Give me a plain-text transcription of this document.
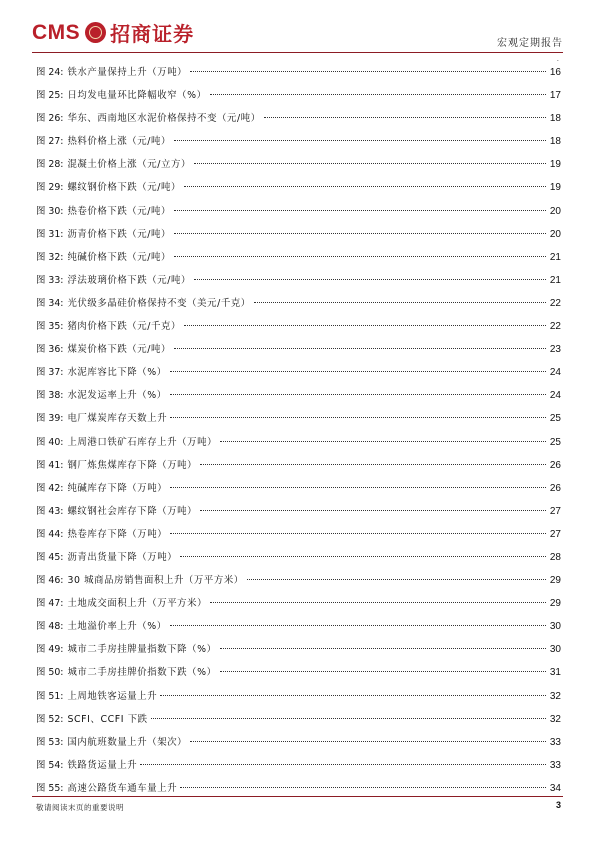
CMS 招商证券	宏观定期报告
.
图 24: 铁水产量保持上升（万吨）	16
图 25: 日均发电量环比降幅收窄（%）	17
图 26: 华东、西南地区水泥价格保持不变（元/吨）	18
图 27: 热料价格上涨（元/吨）	18
图 28: 混凝土价格上涨（元/立方）	19
图 29: 螺纹钢价格下跌（元/吨）	19
图 30: 热卷价格下跌（元/吨）	20
图 31: 沥青价格下跌（元/吨）	20
图 32: 纯碱价格下跌（元/吨）	21
图 33: 浮法玻璃价格下跌（元/吨）	21
图 34: 光伏级多晶硅价格保持不变（美元/千克）	22
图 35: 猪肉价格下跌（元/千克）	22
图 36: 煤炭价格下跌（元/吨）	23
图 37: 水泥库容比下降（%）	24
图 38: 水泥发运率上升（%）	24
图 39: 电厂煤炭库存天数上升	25
图 40: 上周港口铁矿石库存上升（万吨）	25
图 41: 钢厂炼焦煤库存下降（万吨）	26
图 42: 纯碱库存下降（万吨）	26
图 43: 螺纹钢社会库存下降（万吨）	27
图 44: 热卷库存下降（万吨）	27
图 45: 沥青出货量下降（万吨）	28
图 46: 30 城商品房销售面积上升（万平方米）	29
图 47: 土地成交面积上升（万平方米）	29
图 48: 土地溢价率上升（%）	30
图 49: 城市二手房挂牌量指数下降（%）	30
图 50: 城市二手房挂牌价指数下跌（%）	31
图 51: 上周地铁客运量上升	32
图 52: SCFI、CCFI 下跌	32
图 53: 国内航班数量上升（架次）	33
图 54: 铁路货运量上升	33
图 55: 高速公路货车通车量上升	34
敬请阅读末页的重要说明	3
